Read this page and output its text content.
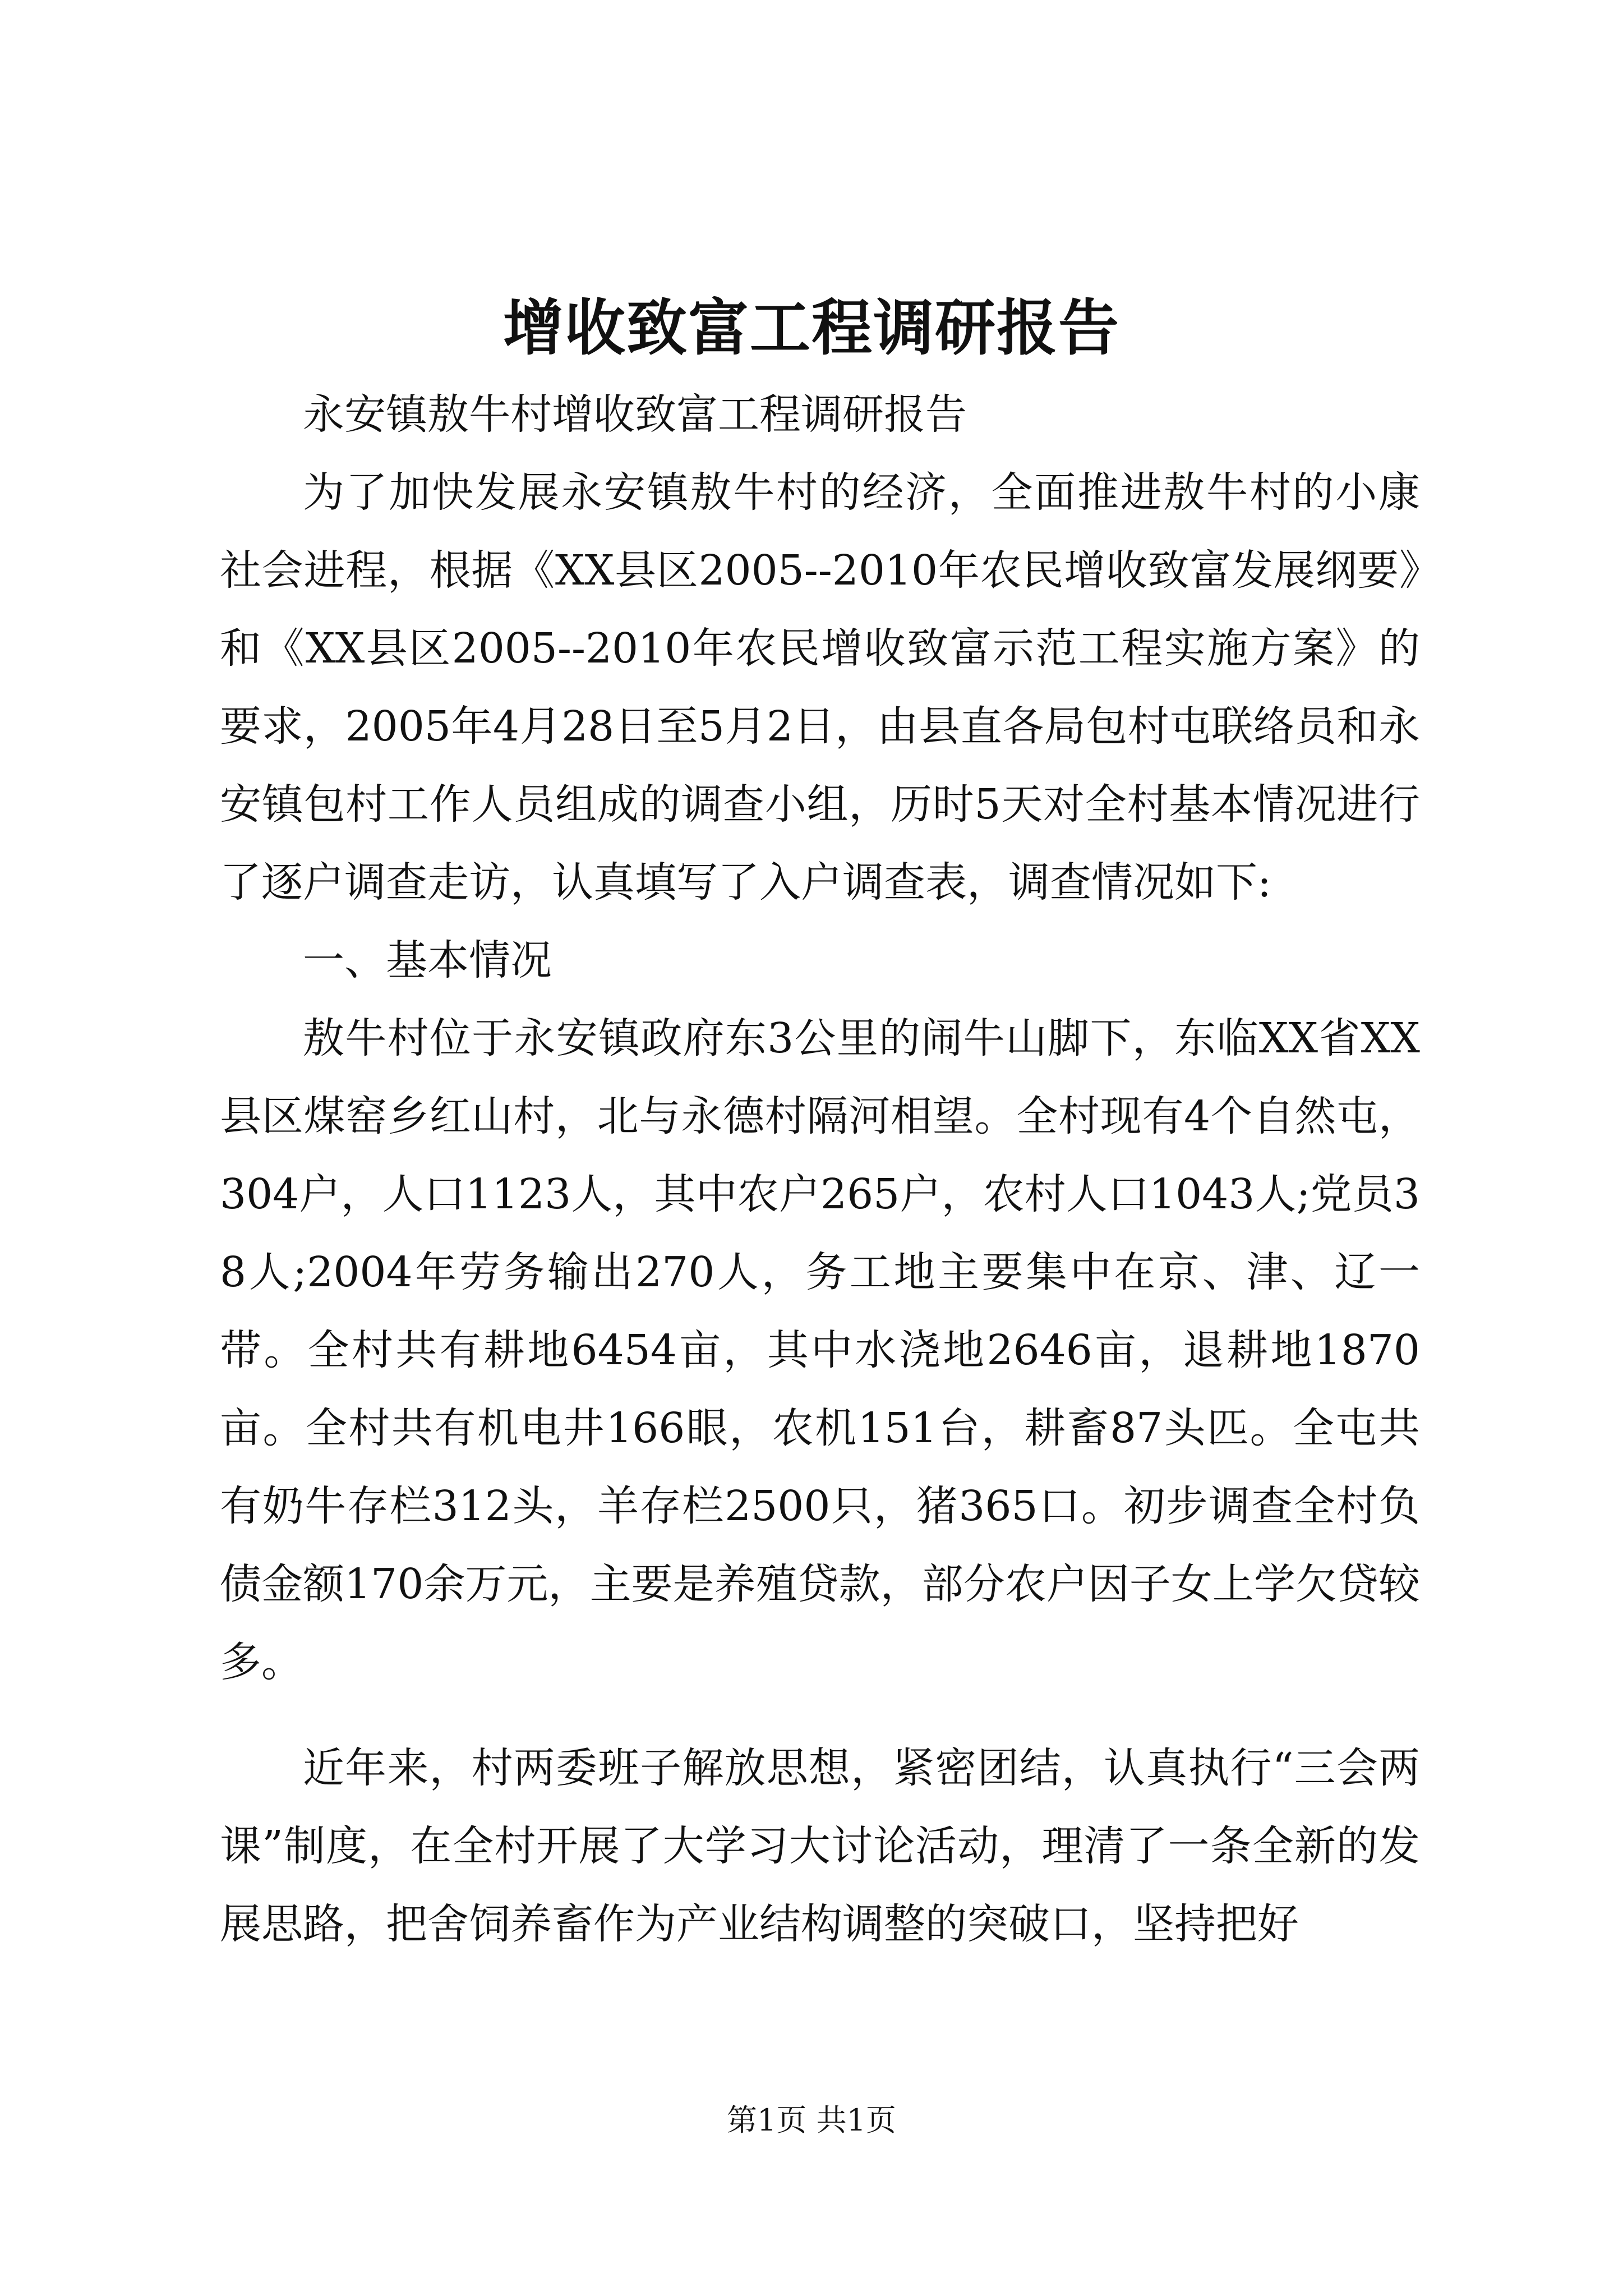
增收致富工程调研报告

永安镇敖牛村增收致富工程调研报告

为了加快发展永安镇敖牛村的经济，全面推进敖牛村的小康社会进程，根据《XX县区2005--2010年农民增收致富发展纲要》和《XX县区2005--2010年农民增收致富示范工程实施方案》的要求，2005年4月28日至5月2日，由县直各局包村屯联络员和永安镇包村工作人员组成的调查小组，历时5天对全村基本情况进行了逐户调查走访，认真填写了入户调查表，调查情况如下:

一、基本情况

敖牛村位于永安镇政府东3公里的闹牛山脚下，东临XX省XX县区煤窑乡红山村，北与永德村隔河相望。全村现有4个自然屯，304户，人口1123人，其中农户265户，农村人口1043人;党员38人;2004年劳务输出270人，务工地主要集中在京、津、辽一带。全村共有耕地6454亩，其中水浇地2646亩，退耕地1870亩。全村共有机电井166眼，农机151台，耕畜87头匹。全屯共有奶牛存栏312头，羊存栏2500只，猪365口。初步调查全村负债金额170余万元，主要是养殖贷款，部分农户因子女上学欠贷较多。

近年来，村两委班子解放思想，紧密团结，认真执行“三会两课”制度，在全村开展了大学习大讨论活动，理清了一条全新的发展思路，把舍饲养畜作为产业结构调整的突破口，坚持把好

第1页 共1页
